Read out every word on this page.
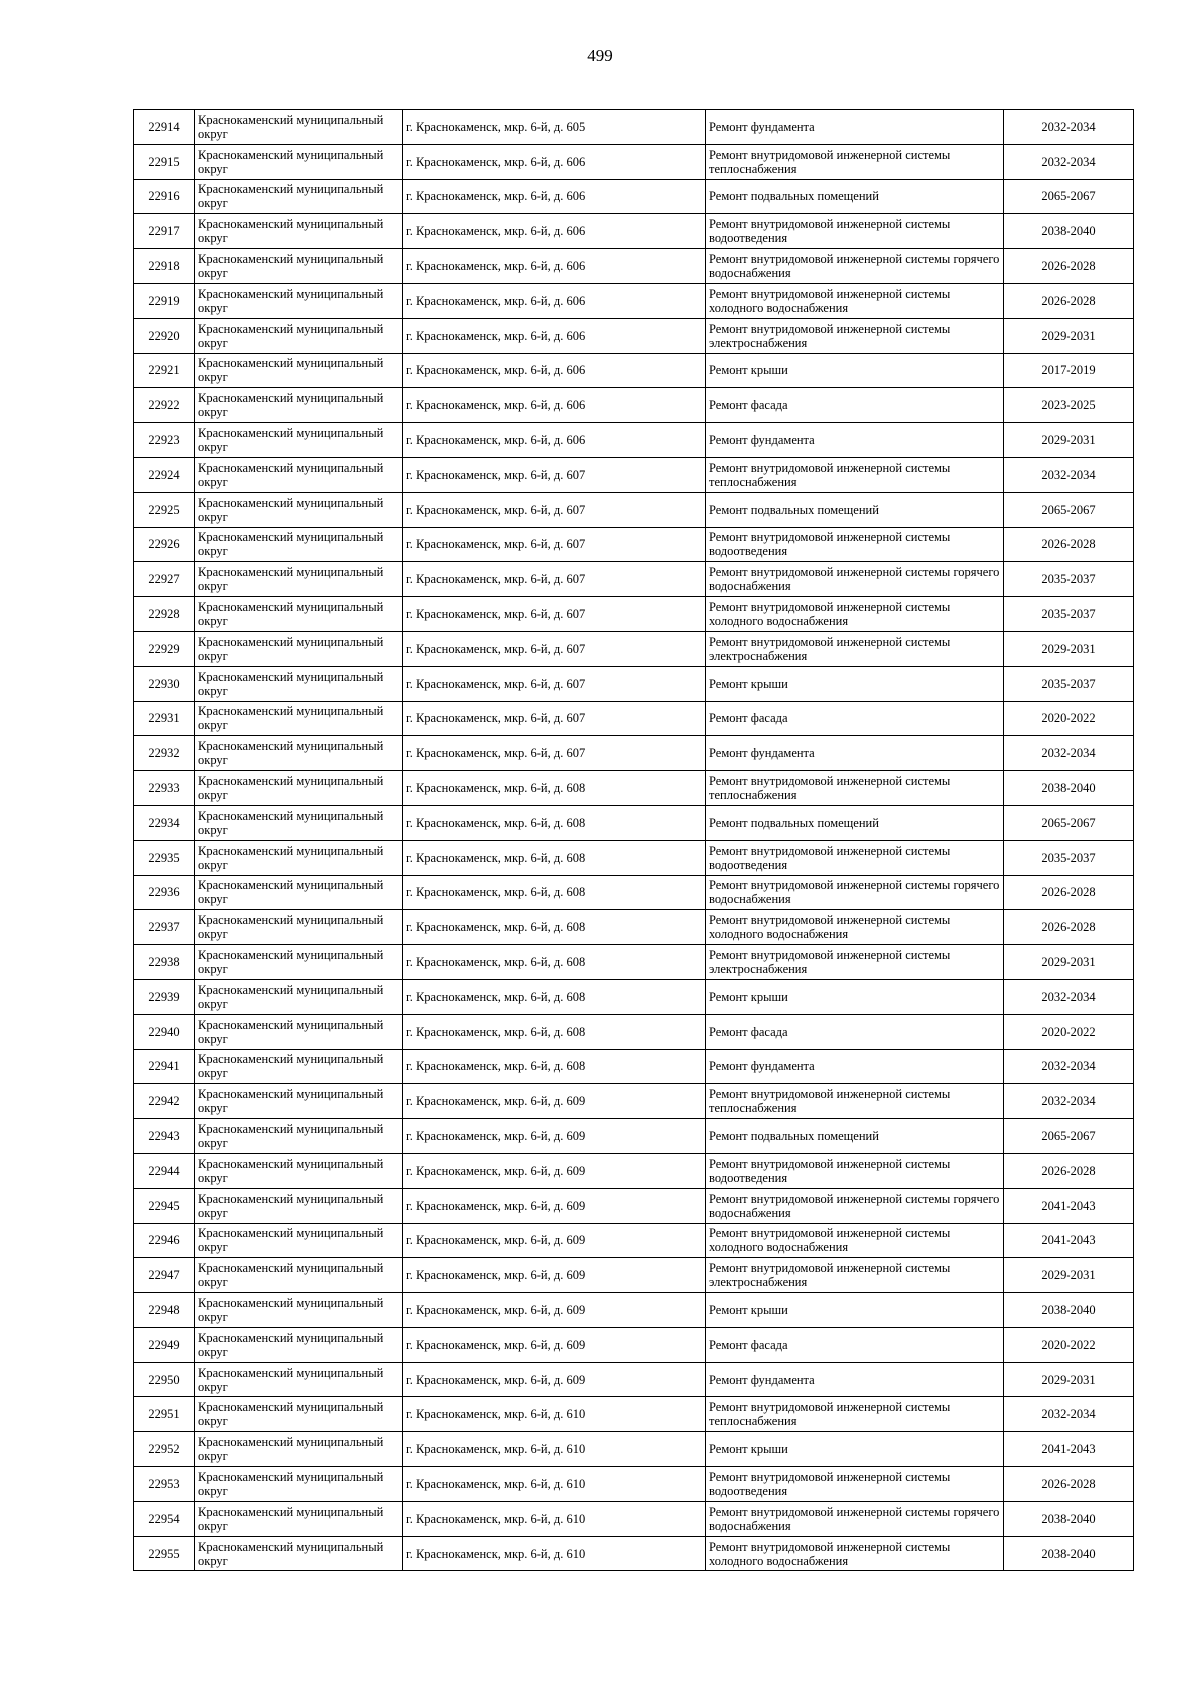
499
22914	Краснокаменский муниципальный округ	г. Краснокаменск, мкр. 6-й, д. 605	Ремонт фундамента	2032-2034
22915	Краснокаменский муниципальный округ	г. Краснокаменск, мкр. 6-й, д. 606	Ремонт внутридомовой инженерной системы теплоснабжения	2032-2034
22916	Краснокаменский муниципальный округ	г. Краснокаменск, мкр. 6-й, д. 606	Ремонт подвальных помещений	2065-2067
22917	Краснокаменский муниципальный округ	г. Краснокаменск, мкр. 6-й, д. 606	Ремонт внутридомовой инженерной системы водоотведения	2038-2040
22918	Краснокаменский муниципальный округ	г. Краснокаменск, мкр. 6-й, д. 606	Ремонт внутридомовой инженерной системы горячего водоснабжения	2026-2028
22919	Краснокаменский муниципальный округ	г. Краснокаменск, мкр. 6-й, д. 606	Ремонт внутридомовой инженерной системы холодного водоснабжения	2026-2028
22920	Краснокаменский муниципальный округ	г. Краснокаменск, мкр. 6-й, д. 606	Ремонт внутридомовой инженерной системы электроснабжения	2029-2031
22921	Краснокаменский муниципальный округ	г. Краснокаменск, мкр. 6-й, д. 606	Ремонт крыши	2017-2019
22922	Краснокаменский муниципальный округ	г. Краснокаменск, мкр. 6-й, д. 606	Ремонт фасада	2023-2025
22923	Краснокаменский муниципальный округ	г. Краснокаменск, мкр. 6-й, д. 606	Ремонт фундамента	2029-2031
22924	Краснокаменский муниципальный округ	г. Краснокаменск, мкр. 6-й, д. 607	Ремонт внутридомовой инженерной системы теплоснабжения	2032-2034
22925	Краснокаменский муниципальный округ	г. Краснокаменск, мкр. 6-й, д. 607	Ремонт подвальных помещений	2065-2067
22926	Краснокаменский муниципальный округ	г. Краснокаменск, мкр. 6-й, д. 607	Ремонт внутридомовой инженерной системы водоотведения	2026-2028
22927	Краснокаменский муниципальный округ	г. Краснокаменск, мкр. 6-й, д. 607	Ремонт внутридомовой инженерной системы горячего водоснабжения	2035-2037
22928	Краснокаменский муниципальный округ	г. Краснокаменск, мкр. 6-й, д. 607	Ремонт внутридомовой инженерной системы холодного водоснабжения	2035-2037
22929	Краснокаменский муниципальный округ	г. Краснокаменск, мкр. 6-й, д. 607	Ремонт внутридомовой инженерной системы электроснабжения	2029-2031
22930	Краснокаменский муниципальный округ	г. Краснокаменск, мкр. 6-й, д. 607	Ремонт крыши	2035-2037
22931	Краснокаменский муниципальный округ	г. Краснокаменск, мкр. 6-й, д. 607	Ремонт фасада	2020-2022
22932	Краснокаменский муниципальный округ	г. Краснокаменск, мкр. 6-й, д. 607	Ремонт фундамента	2032-2034
22933	Краснокаменский муниципальный округ	г. Краснокаменск, мкр. 6-й, д. 608	Ремонт внутридомовой инженерной системы теплоснабжения	2038-2040
22934	Краснокаменский муниципальный округ	г. Краснокаменск, мкр. 6-й, д. 608	Ремонт подвальных помещений	2065-2067
22935	Краснокаменский муниципальный округ	г. Краснокаменск, мкр. 6-й, д. 608	Ремонт внутридомовой инженерной системы водоотведения	2035-2037
22936	Краснокаменский муниципальный округ	г. Краснокаменск, мкр. 6-й, д. 608	Ремонт внутридомовой инженерной системы горячего водоснабжения	2026-2028
22937	Краснокаменский муниципальный округ	г. Краснокаменск, мкр. 6-й, д. 608	Ремонт внутридомовой инженерной системы холодного водоснабжения	2026-2028
22938	Краснокаменский муниципальный округ	г. Краснокаменск, мкр. 6-й, д. 608	Ремонт внутридомовой инженерной системы электроснабжения	2029-2031
22939	Краснокаменский муниципальный округ	г. Краснокаменск, мкр. 6-й, д. 608	Ремонт крыши	2032-2034
22940	Краснокаменский муниципальный округ	г. Краснокаменск, мкр. 6-й, д. 608	Ремонт фасада	2020-2022
22941	Краснокаменский муниципальный округ	г. Краснокаменск, мкр. 6-й, д. 608	Ремонт фундамента	2032-2034
22942	Краснокаменский муниципальный округ	г. Краснокаменск, мкр. 6-й, д. 609	Ремонт внутридомовой инженерной системы теплоснабжения	2032-2034
22943	Краснокаменский муниципальный округ	г. Краснокаменск, мкр. 6-й, д. 609	Ремонт подвальных помещений	2065-2067
22944	Краснокаменский муниципальный округ	г. Краснокаменск, мкр. 6-й, д. 609	Ремонт внутридомовой инженерной системы водоотведения	2026-2028
22945	Краснокаменский муниципальный округ	г. Краснокаменск, мкр. 6-й, д. 609	Ремонт внутридомовой инженерной системы горячего водоснабжения	2041-2043
22946	Краснокаменский муниципальный округ	г. Краснокаменск, мкр. 6-й, д. 609	Ремонт внутридомовой инженерной системы холодного водоснабжения	2041-2043
22947	Краснокаменский муниципальный округ	г. Краснокаменск, мкр. 6-й, д. 609	Ремонт внутридомовой инженерной системы электроснабжения	2029-2031
22948	Краснокаменский муниципальный округ	г. Краснокаменск, мкр. 6-й, д. 609	Ремонт крыши	2038-2040
22949	Краснокаменский муниципальный округ	г. Краснокаменск, мкр. 6-й, д. 609	Ремонт фасада	2020-2022
22950	Краснокаменский муниципальный округ	г. Краснокаменск, мкр. 6-й, д. 609	Ремонт фундамента	2029-2031
22951	Краснокаменский муниципальный округ	г. Краснокаменск, мкр. 6-й, д. 610	Ремонт внутридомовой инженерной системы теплоснабжения	2032-2034
22952	Краснокаменский муниципальный округ	г. Краснокаменск, мкр. 6-й, д. 610	Ремонт крыши	2041-2043
22953	Краснокаменский муниципальный округ	г. Краснокаменск, мкр. 6-й, д. 610	Ремонт внутридомовой инженерной системы водоотведения	2026-2028
22954	Краснокаменский муниципальный округ	г. Краснокаменск, мкр. 6-й, д. 610	Ремонт внутридомовой инженерной системы горячего водоснабжения	2038-2040
22955	Краснокаменский муниципальный округ	г. Краснокаменск, мкр. 6-й, д. 610	Ремонт внутридомовой инженерной системы холодного водоснабжения	2038-2040
